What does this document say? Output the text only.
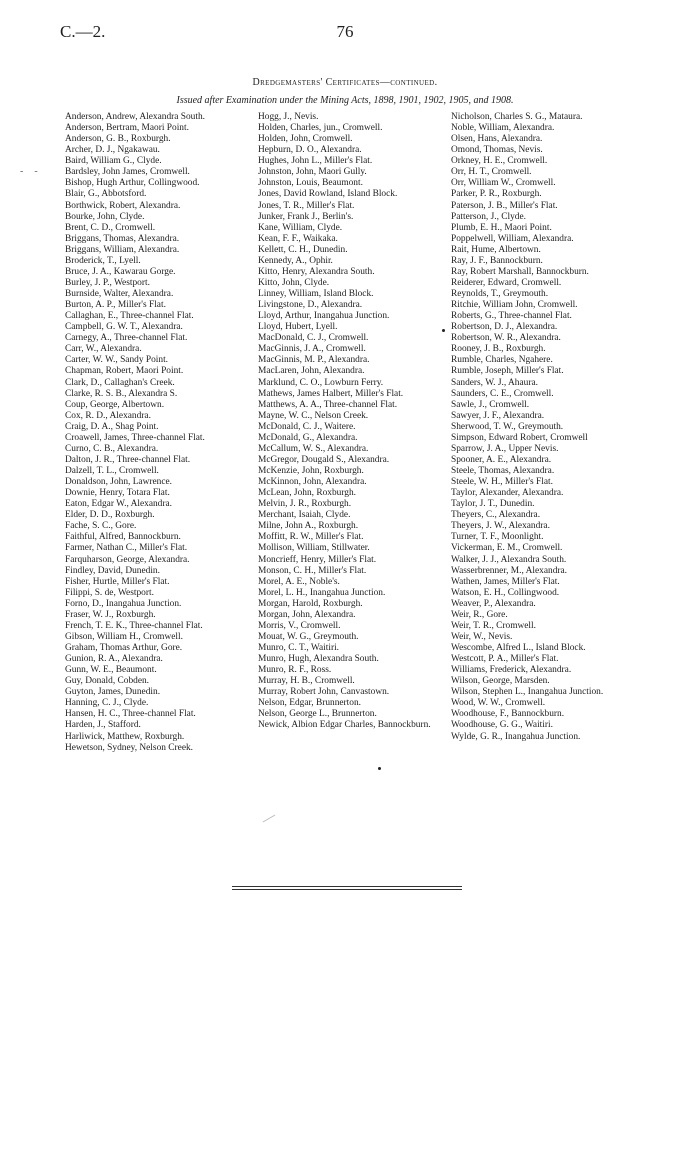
C.—2.	76
Dredgemasters' Certificates—continued.
Issued after Examination under the Mining Acts, 1898, 1901, 1902, 1905, and 1908.
Anderson, Andrew, Alexandra South.
Anderson, Bertram, Maori Point.
Anderson, G. B., Roxburgh.
Archer, D. J., Ngakawau.
Baird, William G., Clyde.
Bardsley, John James, Cromwell.
Bishop, Hugh Arthur, Collingwood.
Blair, G., Abbotsford.
Borthwick, Robert, Alexandra.
Bourke, John, Clyde.
Brent, C. D., Cromwell.
Briggans, Thomas, Alexandra.
Briggans, William, Alexandra.
Broderick, T., Lyell.
Bruce, J. A., Kawarau Gorge.
Burley, J. P., Westport.
Burnside, Walter, Alexandra.
Burton, A. P., Miller's Flat.
Callaghan, E., Three-channel Flat.
Campbell, G. W. T., Alexandra.
Carnegy, A., Three-channel Flat.
Carr, W., Alexandra.
Carter, W. W., Sandy Point.
Chapman, Robert, Maori Point.
Clark, D., Callaghan's Creek.
Clarke, R. S. B., Alexandra S.
Coup, George, Albertown.
Cox, R. D., Alexandra.
Craig, D. A., Shag Point.
Croawell, James, Three-channel Flat.
Curno, C. B., Alexandra.
Dalton, J. R., Three-channel Flat.
Dalzell, T. L., Cromwell.
Donaldson, John, Lawrence.
Downie, Henry, Totara Flat.
Eaton, Edgar W., Alexandra.
Elder, D. D., Roxburgh.
Fache, S. C., Gore.
Faithful, Alfred, Bannockburn.
Farmer, Nathan C., Miller's Flat.
Farquharson, George, Alexandra.
Findley, David, Dunedin.
Fisher, Hurtle, Miller's Flat.
Filippi, S. de, Westport.
Forno, D., Inangahua Junction.
Fraser, W. J., Roxburgh.
French, T. E. K., Three-channel Flat.
Gibson, William H., Cromwell.
Graham, Thomas Arthur, Gore.
Gunion, R. A., Alexandra.
Gunn, W. E., Beaumont.
Guy, Donald, Cobden.
Guyton, James, Dunedin.
Hanning, C. J., Clyde.
Hansen, H. C., Three-channel Flat.
Harden, J., Stafford.
Harliwick, Matthew, Roxburgh.
Hewetson, Sydney, Nelson Creek.
Hogg, J., Nevis.
Holden, Charles, jun., Cromwell.
Holden, John, Cromwell.
Hepburn, D. O., Alexandra.
Hughes, John L., Miller's Flat.
Johnston, John, Maori Gully.
Johnston, Louis, Beaumont.
Jones, David Rowland, Island Block.
Jones, T. R., Miller's Flat.
Junker, Frank J., Berlin's.
Kane, William, Clyde.
Kean, F. F., Waikaka.
Kellett, C. H., Dunedin.
Kennedy, A., Ophir.
Kitto, Henry, Alexandra South.
Kitto, John, Clyde.
Linney, William, Island Block.
Livingstone, D., Alexandra.
Lloyd, Arthur, Inangahua Junction.
Lloyd, Hubert, Lyell.
MacDonald, C. J., Cromwell.
MacGinnis, J. A., Cromwell.
MacGinnis, M. P., Alexandra.
MacLaren, John, Alexandra.
Marklund, C. O., Lowburn Ferry.
Mathews, James Halbert, Miller's Flat.
Matthews, A. A., Three-channel Flat.
Mayne, W. C., Nelson Creek.
McDonald, C. J., Waitere.
McDonald, G., Alexandra.
McCallum, W. S., Alexandra.
McGregor, Dougald S., Alexandra.
McKenzie, John, Roxburgh.
McKinnon, John, Alexandra.
McLean, John, Roxburgh.
Melvin, J. R., Roxburgh.
Merchant, Isaiah, Clyde.
Milne, John A., Roxburgh.
Moffitt, R. W., Miller's Flat.
Mollison, William, Stillwater.
Moncrieff, Henry, Miller's Flat.
Monson, C. H., Miller's Flat.
Morel, A. E., Noble's.
Morel, L. H., Inangahua Junction.
Morgan, Harold, Roxburgh.
Morgan, John, Alexandra.
Morris, V., Cromwell.
Mouat, W. G., Greymouth.
Munro, C. T., Waitiri.
Munro, Hugh, Alexandra South.
Munro, R. F., Ross.
Murray, H. B., Cromwell.
Murray, Robert John, Canvastown.
Nelson, Edgar, Brunnerton.
Nelson, George L., Brunnerton.
Newick, Albion Edgar Charles, Bannockburn.
Nicholson, Charles S. G., Mataura.
Noble, William, Alexandra.
Olsen, Hans, Alexandra.
Omond, Thomas, Nevis.
Orkney, H. E., Cromwell.
Orr, H. T., Cromwell.
Orr, William W., Cromwell.
Parker, P. R., Roxburgh.
Paterson, J. B., Miller's Flat.
Patterson, J., Clyde.
Plumb, E. H., Maori Point.
Poppelwell, William, Alexandra.
Rait, Hume, Albertown.
Ray, J. F., Bannockburn.
Ray, Robert Marshall, Bannockburn.
Reiderer, Edward, Cromwell.
Reynolds, T., Greymouth.
Ritchie, William John, Cromwell.
Roberts, G., Three-channel Flat.
Robertson, D. J., Alexandra.
Robertson, W. R., Alexandra.
Rooney, J. B., Roxburgh.
Rumble, Charles, Ngahere.
Rumble, Joseph, Miller's Flat.
Sanders, W. J., Ahaura.
Saunders, C. E., Cromwell.
Sawle, J., Cromwell.
Sawyer, J. F., Alexandra.
Sherwood, T. W., Greymouth.
Simpson, Edward Robert, Cromwell
Sparrow, J. A., Upper Nevis.
Spooner, A. E., Alexandra.
Steele, Thomas, Alexandra.
Steele, W. H., Miller's Flat.
Taylor, Alexander, Alexandra.
Taylor, J. T., Dunedin.
Theyers, C., Alexandra.
Theyers, J. W., Alexandra.
Turner, T. F., Moonlight.
Vickerman, E. M., Cromwell.
Walker, J. J., Alexandra South.
Wasserbrenner, M., Alexandra.
Wathen, James, Miller's Flat.
Watson, E. H., Collingwood.
Weaver, P., Alexandra.
Weir, R., Gore.
Weir, T. R., Cromwell.
Weir, W., Nevis.
Wescombe, Alfred L., Island Block.
Westcott, P. A., Miller's Flat.
Williams, Frederick, Alexandra.
Wilson, George, Marsden.
Wilson, Stephen L., Inangahua Junction.
Wood, W. W., Cromwell.
Woodhouse, F., Bannockburn.
Woodhouse, G. G., Waitiri.
Wylde, G. R., Inangahua Junction.
-  -
